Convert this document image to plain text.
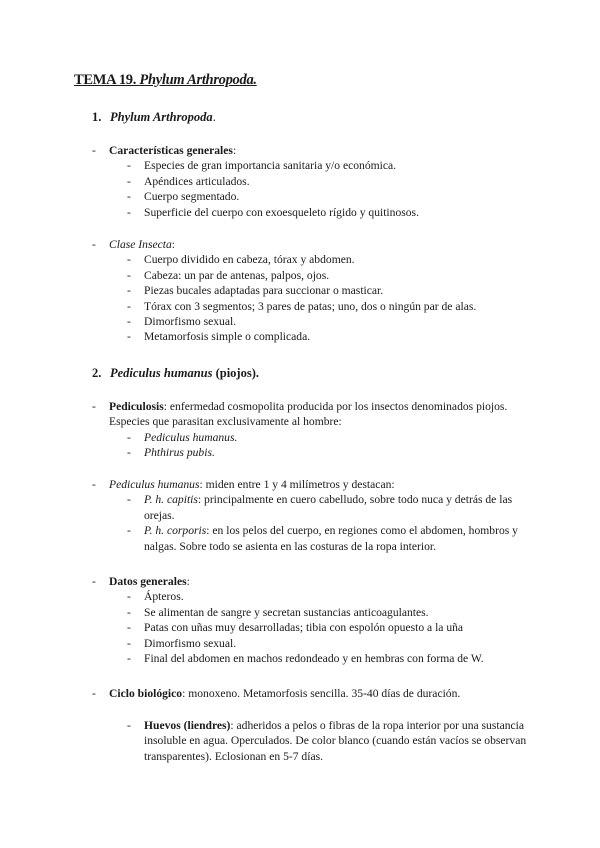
TEMA 19. Phylum Arthropoda.
1. Phylum Arthropoda.
- Características generales:
- Especies de gran importancia sanitaria y/o económica.
- Apéndices articulados.
- Cuerpo segmentado.
- Superficie del cuerpo con exoesqueleto rígido y quitinosos.
- Clase Insecta:
- Cuerpo dividido en cabeza, tórax y abdomen.
- Cabeza: un par de antenas, palpos, ojos.
- Piezas bucales adaptadas para succionar o masticar.
- Tórax con 3 segmentos; 3 pares de patas; uno, dos o ningún par de alas.
- Dimorfismo sexual.
- Metamorfosis simple o complicada.
2. Pediculus humanus (piojos).
- Pediculosis: enfermedad cosmopolita producida por los insectos denominados piojos. Especies que parasitan exclusivamente al hombre:
- Pediculus humanus.
- Phthirus pubis.
- Pediculus humanus: miden entre 1 y 4 milímetros y destacan:
- P. h. capitis: principalmente en cuero cabelludo, sobre todo nuca y detrás de las orejas.
- P. h. corporis: en los pelos del cuerpo, en regiones como el abdomen, hombros y nalgas. Sobre todo se asienta en las costuras de la ropa interior.
- Datos generales:
- Ápteros.
- Se alimentan de sangre y secretan sustancias anticoagulantes.
- Patas con uñas muy desarrolladas; tibia con espolón opuesto a la uña
- Dimorfismo sexual.
- Final del abdomen en machos redondeado y en hembras con forma de W.
- Ciclo biológico: monoxeno. Metamorfosis sencilla. 35-40 días de duración.
- Huevos (liendres): adheridos a pelos o fibras de la ropa interior por una sustancia insoluble en agua. Operculados. De color blanco (cuando están vacíos se observan transparentes). Eclosionan en 5-7 días.
